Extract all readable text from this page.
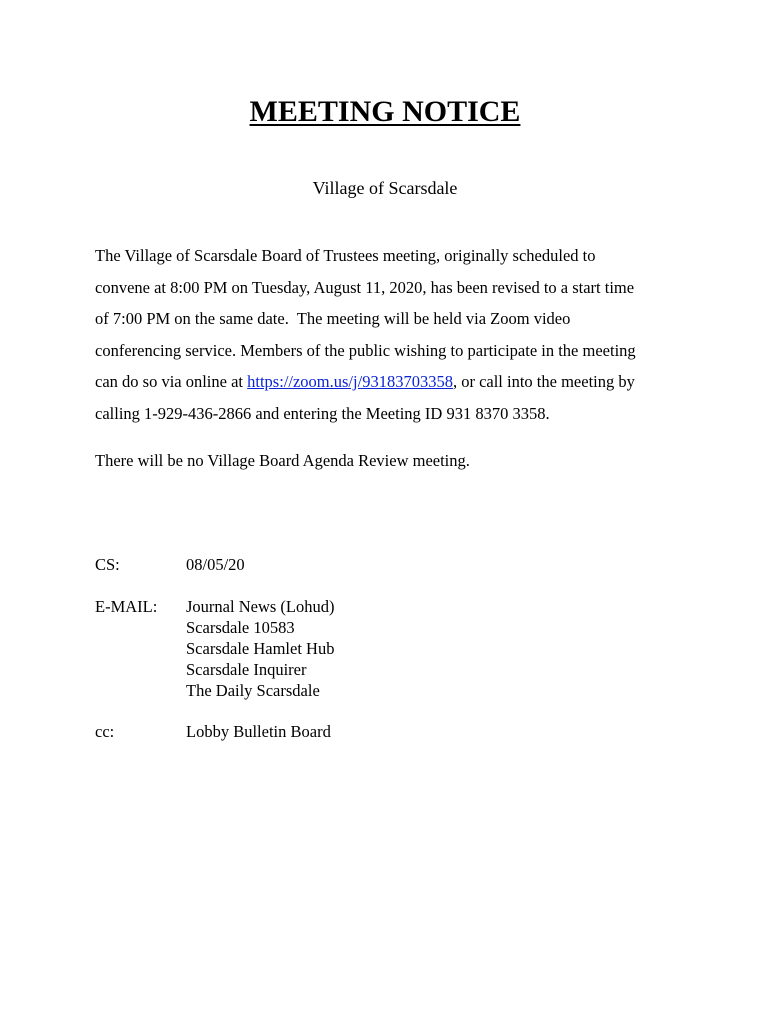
MEETING NOTICE
Village of Scarsdale

The Village of Scarsdale Board of Trustees meeting, originally scheduled to
convene at 8:00 PM on Tuesday, August 11, 2020, has been revised to a start time
of 7:00 PM on the same date.  The meeting will be held via Zoom video
conferencing service. Members of the public wishing to participate in the meeting
can do so via online at https://zoom.us/j/93183703358, or call into the meeting by
calling 1-929-436-2866 and entering the Meeting ID 931 8370 3358.

There will be no Village Board Agenda Review meeting.
CS:	08/05/20
E-MAIL: Journal News (Lohud)
Scarsdale 10583
Scarsdale Hamlet Hub
Scarsdale Inquirer
The Daily Scarsdale
cc:	Lobby Bulletin Board
